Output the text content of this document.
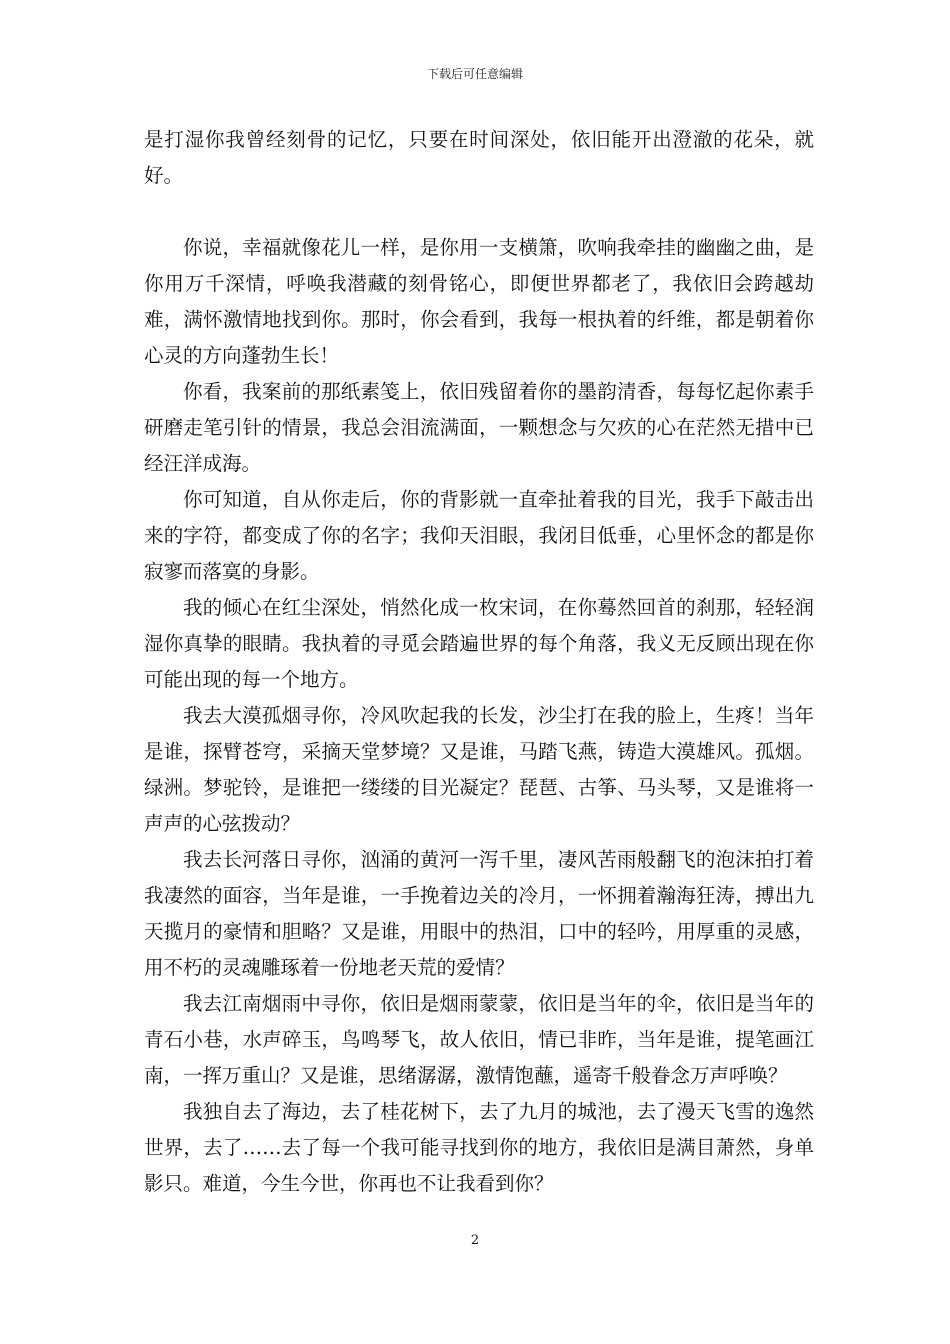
下载后可任意编辑

是打湿你我曾经刻骨的记忆，只要在时间深处，依旧能开出澄澈的花朵，就好。

你说，幸福就像花儿一样，是你用一支横箫，吹响我牵挂的幽幽之曲，是你用万千深情，呼唤我潜藏的刻骨铭心，即便世界都老了，我依旧会跨越劫难，满怀激情地找到你。那时，你会看到，我每一根执着的纤维，都是朝着你心灵的方向蓬勃生长！

你看，我案前的那纸素笺上，依旧残留着你的墨韵清香，每每忆起你素手研磨走笔引针的情景，我总会泪流满面，一颗想念与欠疚的心在茫然无措中已经汪洋成海。

你可知道，自从你走后，你的背影就一直牵扯着我的目光，我手下敲击出来的字符，都变成了你的名字；我仰天泪眼，我闭目低垂，心里怀念的都是你寂寥而落寞的身影。

我的倾心在红尘深处，悄然化成一枚宋词，在你蓦然回首的刹那，轻轻润湿你真挚的眼睛。我执着的寻觅会踏遍世界的每个角落，我义无反顾出现在你可能出现的每一个地方。

我去大漠孤烟寻你，冷风吹起我的长发，沙尘打在我的脸上，生疼！当年是谁，探臂苍穹，采摘天堂梦境？又是谁，马踏飞燕，铸造大漠雄风。孤烟。绿洲。梦驼铃，是谁把一缕缕的目光凝定？琵琶、古筝、马头琴，又是谁将一声声的心弦拨动？

我去长河落日寻你，汹涌的黄河一泻千里，凄风苦雨般翻飞的泡沫拍打着我凄然的面容，当年是谁，一手挽着边关的冷月，一怀拥着瀚海狂涛，搏出九天揽月的豪情和胆略？又是谁，用眼中的热泪，口中的轻吟，用厚重的灵感，用不朽的灵魂雕琢着一份地老天荒的爱情？

我去江南烟雨中寻你，依旧是烟雨蒙蒙，依旧是当年的伞，依旧是当年的青石小巷，水声碎玉，鸟鸣琴飞，故人依旧，情已非昨，当年是谁，提笔画江南，一挥万重山？又是谁，思绪潺潺，激情饱蘸，遥寄千般眷念万声呼唤？

我独自去了海边，去了桂花树下，去了九月的城池，去了漫天飞雪的逸然世界，去了……去了每一个我可能寻找到你的地方，我依旧是满目萧然，身单影只。难道，今生今世，你再也不让我看到你？

2
